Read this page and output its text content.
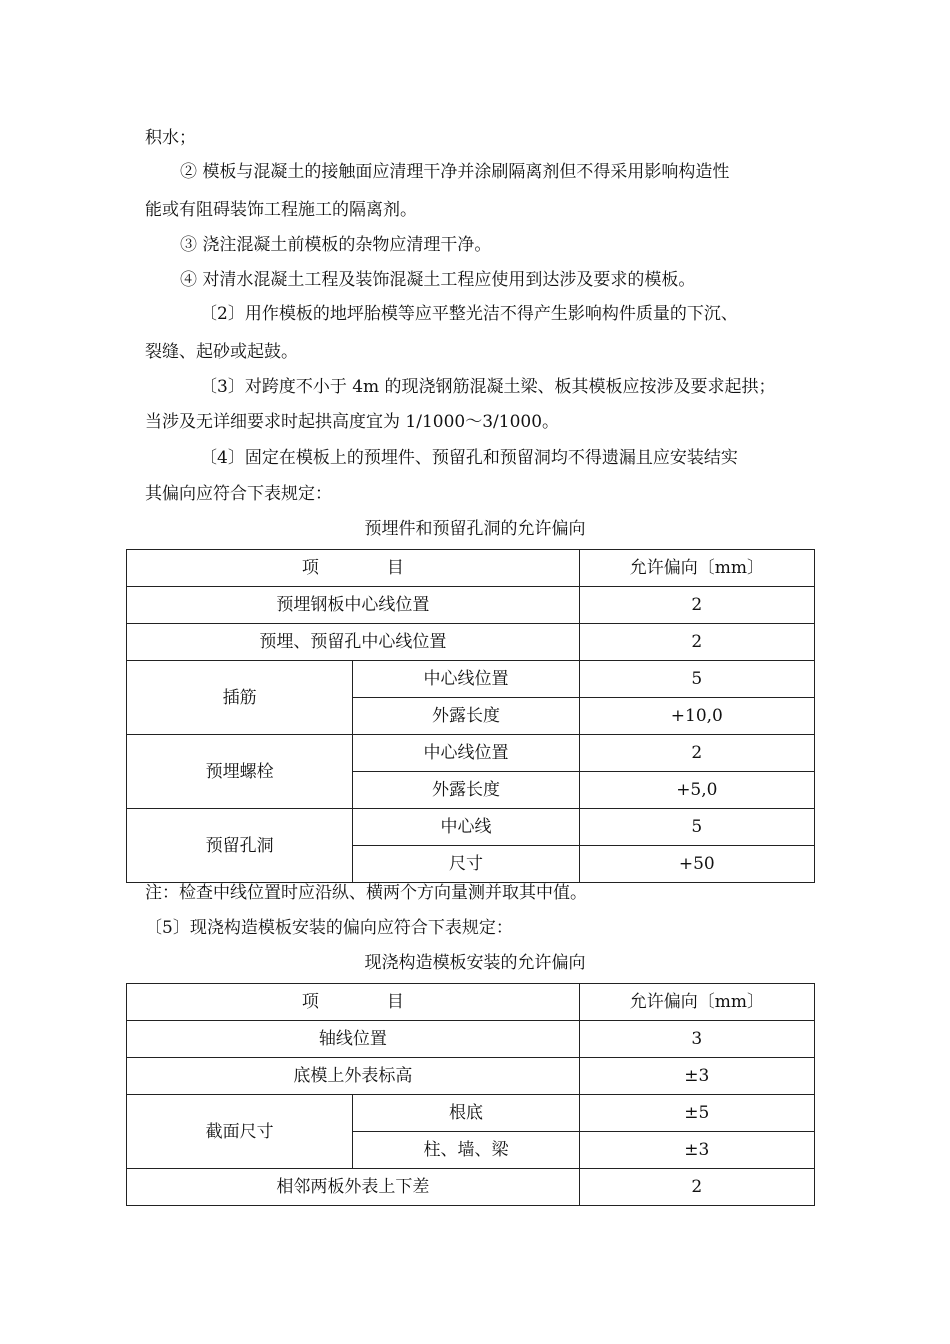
积水；
② 模板与混凝土的接触面应清理干净并涂刷隔离剂但不得采用影响构造性
能或有阻碍装饰工程施工的隔离剂。
③ 浇注混凝土前模板的杂物应清理干净。
④ 对清水混凝土工程及装饰混凝土工程应使用到达涉及要求的模板。
〔2〕用作模板的地坪胎模等应平整光洁不得产生影响构件质量的下沉、
裂缝、起砂或起鼓。
〔3〕对跨度不小于 4m 的现浇钢筋混凝土梁、板其模板应按涉及要求起拱；
当涉及无详细要求时起拱高度宜为 1/1000～3/1000。
〔4〕固定在模板上的预埋件、预留孔和预留洞均不得遗漏且应安装结实
其偏向应符合下表规定：
预埋件和预留孔洞的允许偏向
项　　　　目		允许偏向〔mm〕
预埋钢板中心线位置		2
预埋、预留孔中心线位置		2
插筋	中心线位置	5
	外露长度	+10,0
预埋螺栓	中心线位置	2
	外露长度	+5,0
预留孔洞	中心线	5
	尺寸	+50
注：检查中线位置时应沿纵、横两个方向量测并取其中值。
〔5〕现浇构造模板安装的偏向应符合下表规定：
现浇构造模板安装的允许偏向
项　　　　目		允许偏向〔mm〕
轴线位置		3
底模上外表标高		±3
截面尺寸	根底	±5
	柱、墙、梁	±3
相邻两板外表上下差		2
